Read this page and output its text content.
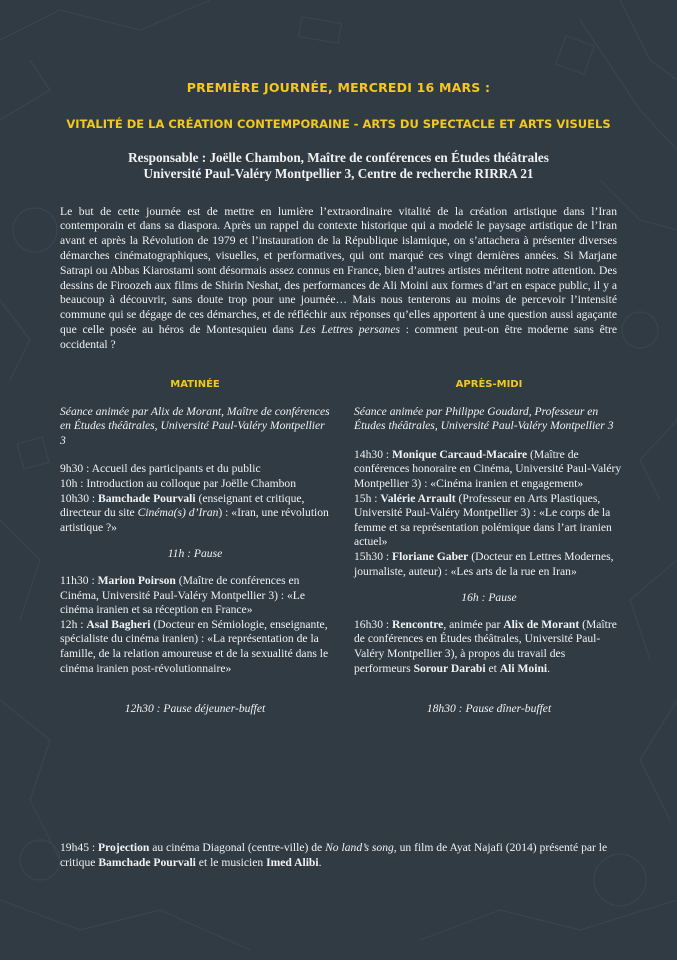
PREMIÈRE JOURNÉE, MERCREDI 16 MARS :
VITALITÉ DE LA CRÉATION CONTEMPORAINE - ARTS DU SPECTACLE ET ARTS VISUELS
Responsable : Joëlle Chambon, Maître de conférences en Études théâtrales
Université Paul-Valéry Montpellier 3, Centre de recherche RIRRA 21

Le but de cette journée est de mettre en lumière l’extraordinaire vitalité de la création artistique dans l’Iran contemporain et dans sa diaspora. Après un rappel du contexte historique qui a modelé le paysage artistique de l’Iran avant et après la Révolution de 1979 et l’instauration de la République islamique, on s’attachera à présenter diverses démarches cinématographiques, visuelles, et performatives, qui ont marqué ces vingt dernières années. Si Marjane Satrapi ou Abbas Kiarostami sont désormais assez connus en France, bien d’autres artistes méritent notre attention. Des dessins de Firoozeh aux films de Shirin Neshat, des performances de Ali Moini aux formes d’art en espace public, il y a beaucoup à découvrir, sans doute trop pour une journée… Mais nous tenterons au moins de percevoir l’intensité commune qui se dégage de ces démarches, et de réfléchir aux réponses qu’elles apportent à une question aussi agaçante que celle posée au héros de Montesquieu dans Les Lettres persanes : comment peut-on être moderne sans être occidental ?

MATINÉE

Séance animée par Alix de Morant, Maître de conférences en Études théâtrales, Université Paul-Valéry Montpellier 3

9h30 : Accueil des participants et du public

10h : Introduction au colloque par Joëlle Chambon

10h30 : Bamchade Pourvali (enseignant et critique, directeur du site Cinéma(s) d’Iran) : «Iran, une révolution artistique ?»

11h : Pause

11h30 : Marion Poirson (Maître de conférences en Cinéma, Université Paul-Valéry Montpellier 3) : «Le cinéma iranien et sa réception en France»

12h : Asal Bagheri (Docteur en Sémiologie, enseignante, spécialiste du cinéma iranien) : «La représentation de la famille, de la relation amoureuse et de la sexualité dans le cinéma iranien post-révolutionnaire»

12h30 : Pause déjeuner-buffet

APRÈS-MIDI

Séance animée par Philippe Goudard, Professeur en Études théâtrales, Université Paul-Valéry Montpellier 3

14h30 : Monique Carcaud-Macaire (Maître de conférences honoraire en Cinéma, Université Paul-Valéry Montpellier 3) : «Cinéma iranien et engagement»

15h : Valérie Arrault (Professeur en Arts Plastiques, Université Paul-Valéry Montpellier 3) : «Le corps de la femme et sa représentation polémique dans l’art iranien actuel»

15h30 : Floriane Gaber (Docteur en Lettres Modernes, journaliste, auteur) : «Les arts de la rue en Iran»

16h : Pause

16h30 : Rencontre, animée par Alix de Morant (Maître de conférences en Études théâtrales, Université Paul-Valéry Montpellier 3), à propos du travail des performeurs Sorour Darabi et Ali Moini.

18h30 : Pause dîner-buffet

19h45 : Projection au cinéma Diagonal (centre-ville) de No land’s song, un film de Ayat Najafi (2014) présenté par le critique Bamchade Pourvali et le musicien Imed Alibi.
